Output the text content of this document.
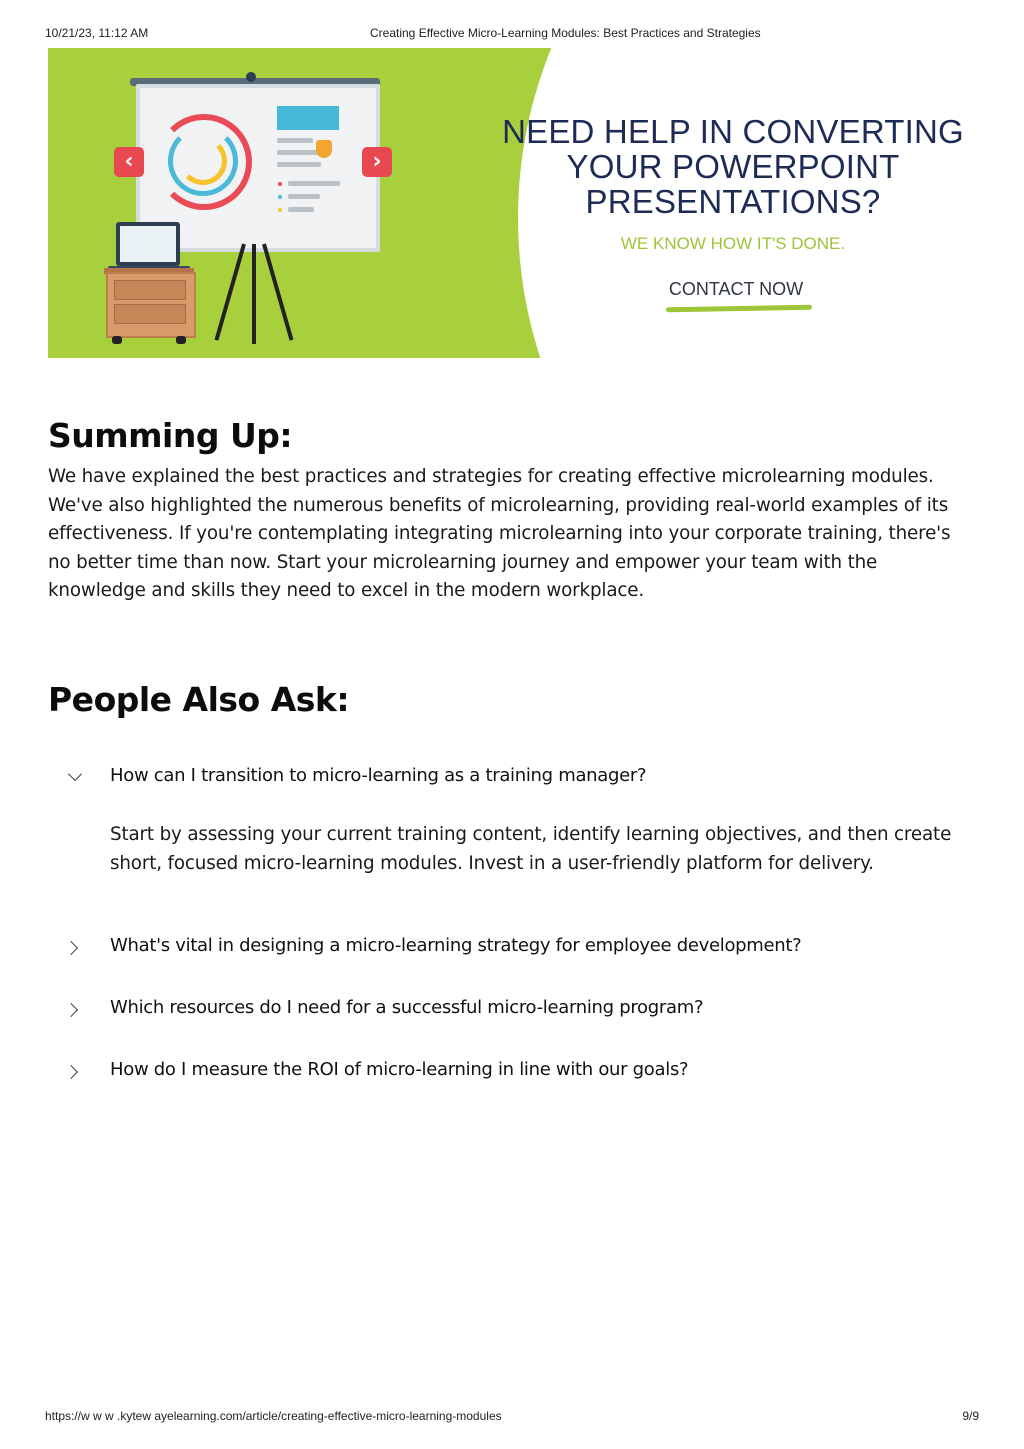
10/21/23, 11:12 AM	Creating Effective Micro-Learning Modules: Best Practices and Strategies
‹	›
NEED HELP IN CONVERTING
YOUR POWERPOINT
PRESENTATIONS?
WE KNOW HOW IT'S DONE.
CONTACT NOW
Summing Up:

We have explained the best practices and strategies for creating effective microlearning modules. We've also highlighted the numerous benefits of microlearning, providing real-world examples of its effectiveness. If you're contemplating integrating microlearning into your corporate training, there's no better time than now. Start your microlearning journey and empower your team with the knowledge and skills they need to excel in the modern workplace.

People Also Ask:
How can I transition to micro-learning as a training manager?

Start by assessing your current training content, identify learning objectives, and then create short, focused micro-learning modules. Invest in a user-friendly platform for delivery.

What's vital in designing a micro-learning strategy for employee development?
Which resources do I need for a successful micro-learning program?
How do I measure the ROI of micro-learning in line with our goals?
https://w w w .kytew ayelearning.com/article/creating-effective-micro-learning-modules	9/9
